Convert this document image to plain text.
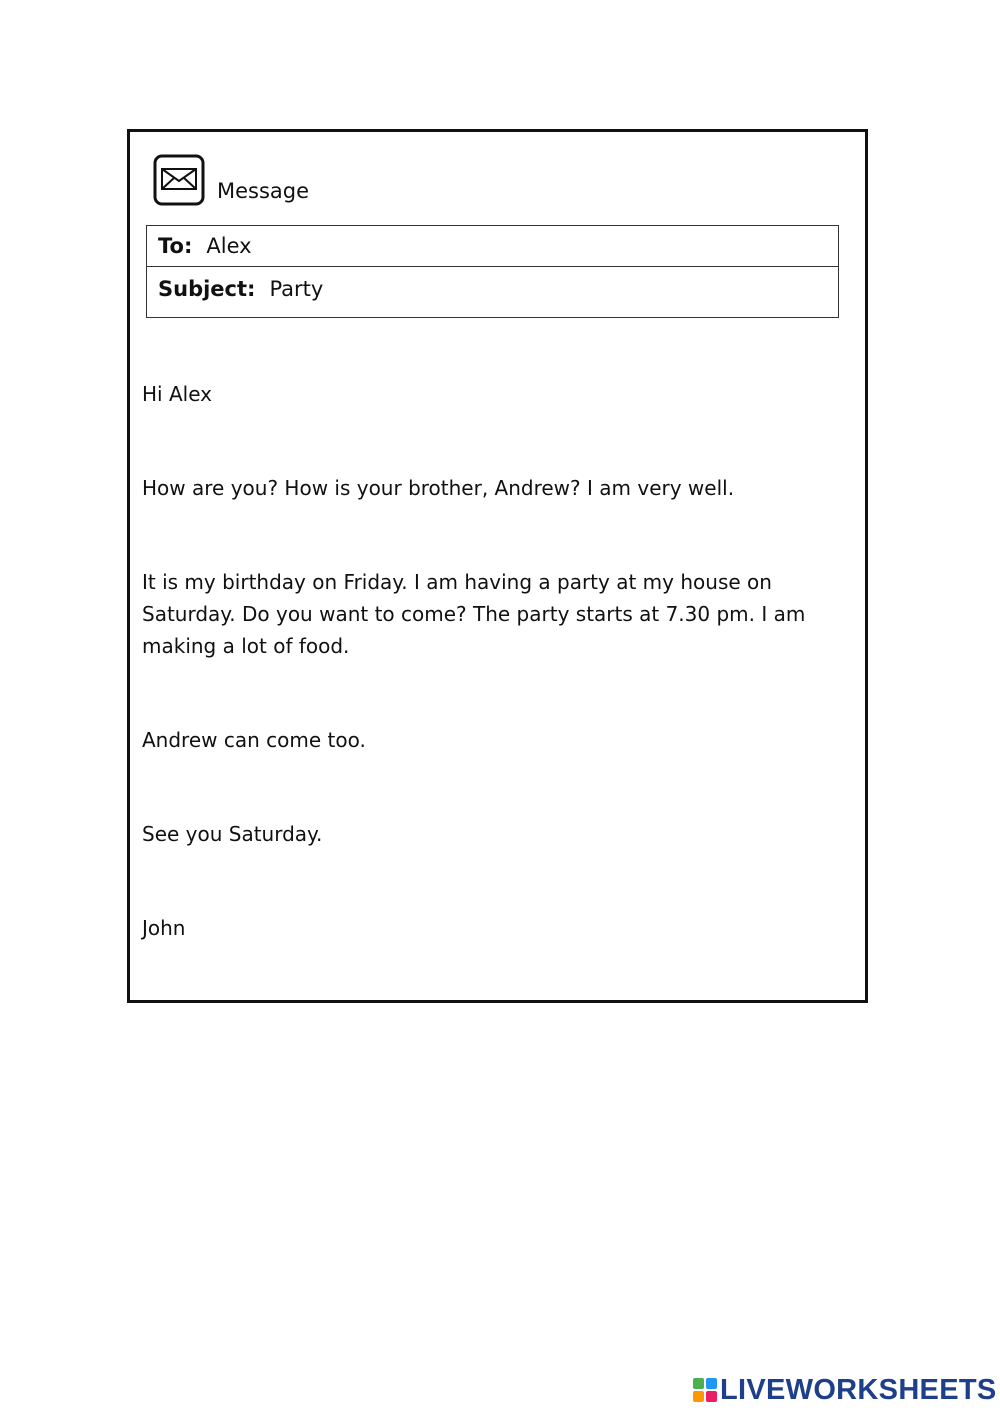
Message
To: Alex
Subject: Party

Hi Alex

How are you? How is your brother, Andrew? I am very well.

It is my birthday on Friday. I am having a party at my house on Saturday. Do you want to come? The party starts at 7.30 pm. I am making a lot of food.

Andrew can come too.

See you Saturday.

John

LIVEWORKSHEETS
